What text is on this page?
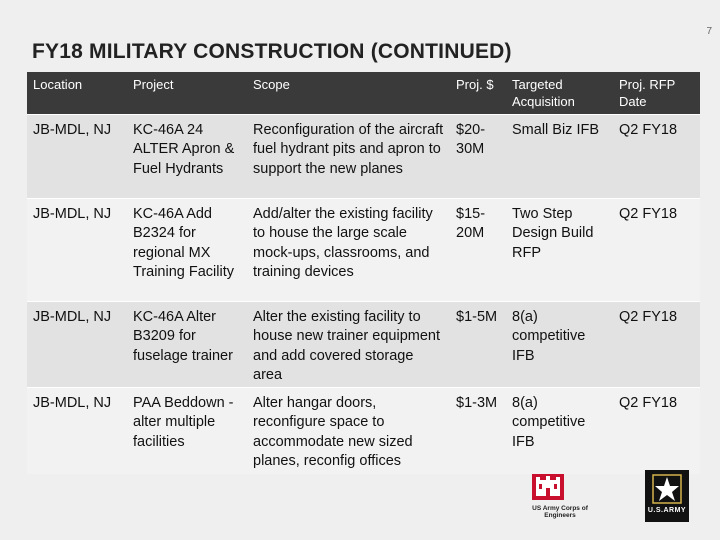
7
FY18 MILITARY CONSTRUCTION (CONTINUED)
Location	Project	Scope	Proj. $	Targeted Acquisition	Proj. RFP Date
JB-MDL, NJ	KC-46A 24 ALTER Apron & Fuel Hydrants	Reconfiguration of the aircraft fuel hydrant pits and apron to support the new planes	$20-30M	Small Biz IFB	Q2 FY18
JB-MDL, NJ	KC-46A Add B2324 for regional MX Training Facility	Add/alter the existing facility to house the large scale mock-ups, classrooms, and training devices	$15-20M	Two Step Design Build RFP	Q2 FY18
JB-MDL, NJ	KC-46A Alter B3209 for fuselage trainer	Alter the existing facility to house new trainer equipment and add covered storage area	$1-5M	8(a) competitive IFB	Q2 FY18
JB-MDL, NJ	PAA Beddown - alter multiple facilities	Alter hangar doors, reconfigure space to accommodate new sized planes, reconfig offices	$1-3M	8(a) competitive IFB	Q2 FY18
US Army Corps of Engineers
U.S.ARMY
